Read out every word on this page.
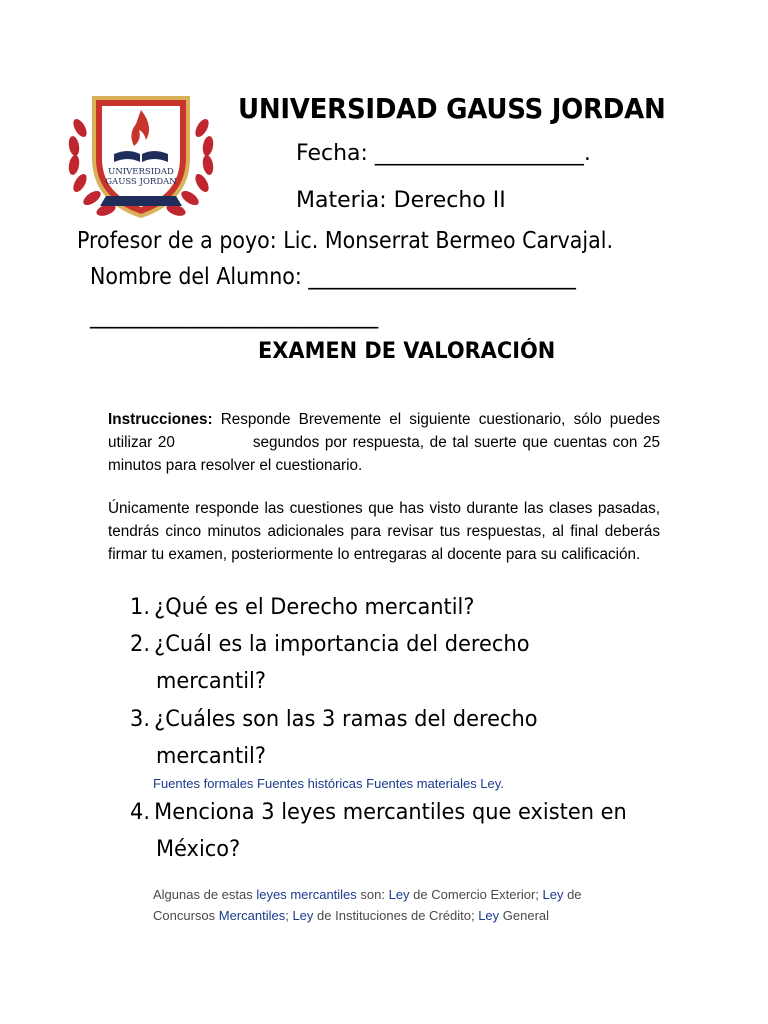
UNIVERSIDAD
GAUSS JORDAN
UNIVERSIDAD GAUSS JORDAN
Fecha: ___________________.
Materia: Derecho II
Profesor de a poyo: Lic. Monserrat Bermeo Carvajal.
Nombre del Alumno: __________________________
____________________________
EXAMEN DE VALORACIÓN
Instrucciones: Responde Brevemente el siguiente cuestionario, sólo puedes utilizar 20	segundos por respuesta, de tal suerte que cuentas con 25 minutos para resolver el cuestionario.
Únicamente responde las cuestiones que has visto durante las clases pasadas, tendrás cinco minutos adicionales para revisar tus respuestas, al final deberás firmar tu examen, posteriormente lo entregaras al docente para su calificación.
1. ¿Qué es el Derecho mercantil?
2. ¿Cuál es la importancia del derecho
mercantil?
3. ¿Cuáles son las 3 ramas del derecho
mercantil?
Fuentes formales Fuentes históricas Fuentes materiales Ley.
4. Menciona 3 leyes mercantiles que existen en
México?
Algunas de estas leyes mercantiles son: Ley de Comercio Exterior; Ley de Concursos Mercantiles; Ley de Instituciones de Crédito; Ley General
